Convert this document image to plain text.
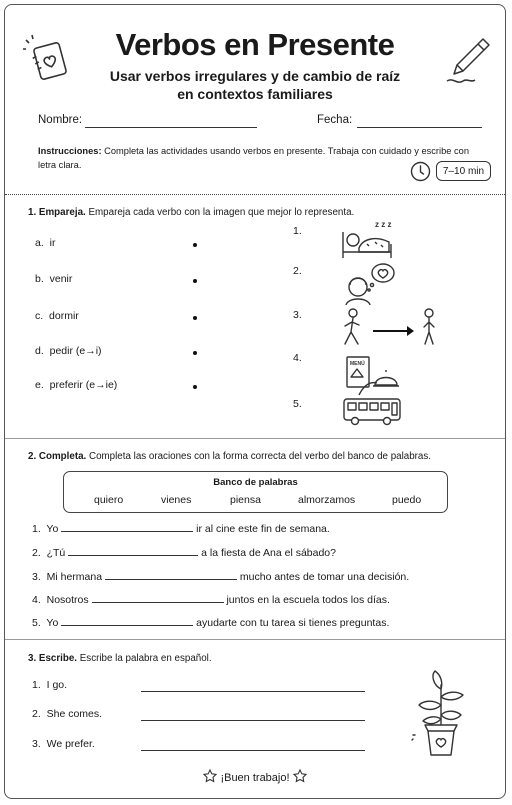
Verbos en Presente
Usar verbos irregulares y de cambio de raíz
en contextos familiares
Nombre:	Fecha:
Instrucciones: Completa las actividades usando verbos en presente. Trabaja con cuidado y escribe con letra clara.
7–10 min
1. Empareja. Empareja cada verbo con la imagen que mejor lo representa.
a. ir
b. venir
c. dormir
d. pedir (e→i)
e. preferir (e→ie)
1.
2.
3.
4.
5.
z z z
MENÚ
2. Completa. Completa las oraciones con la forma correcta del verbo del banco de palabras.
Banco de palabras
quiero	vienes	piensa	almorzamos	puedo
1. Yo	ir al cine este fin de semana.
2. ¿Tú	a la fiesta de Ana el sábado?
3. Mi hermana	mucho antes de tomar una decisión.
4. Nosotros	juntos en la escuela todos los días.
5. Yo	ayudarte con tu tarea si tienes preguntas.
3. Escribe. Escribe la palabra en español.
1. I go.
2. She comes.
3. We prefer.
¡Buen trabajo!
